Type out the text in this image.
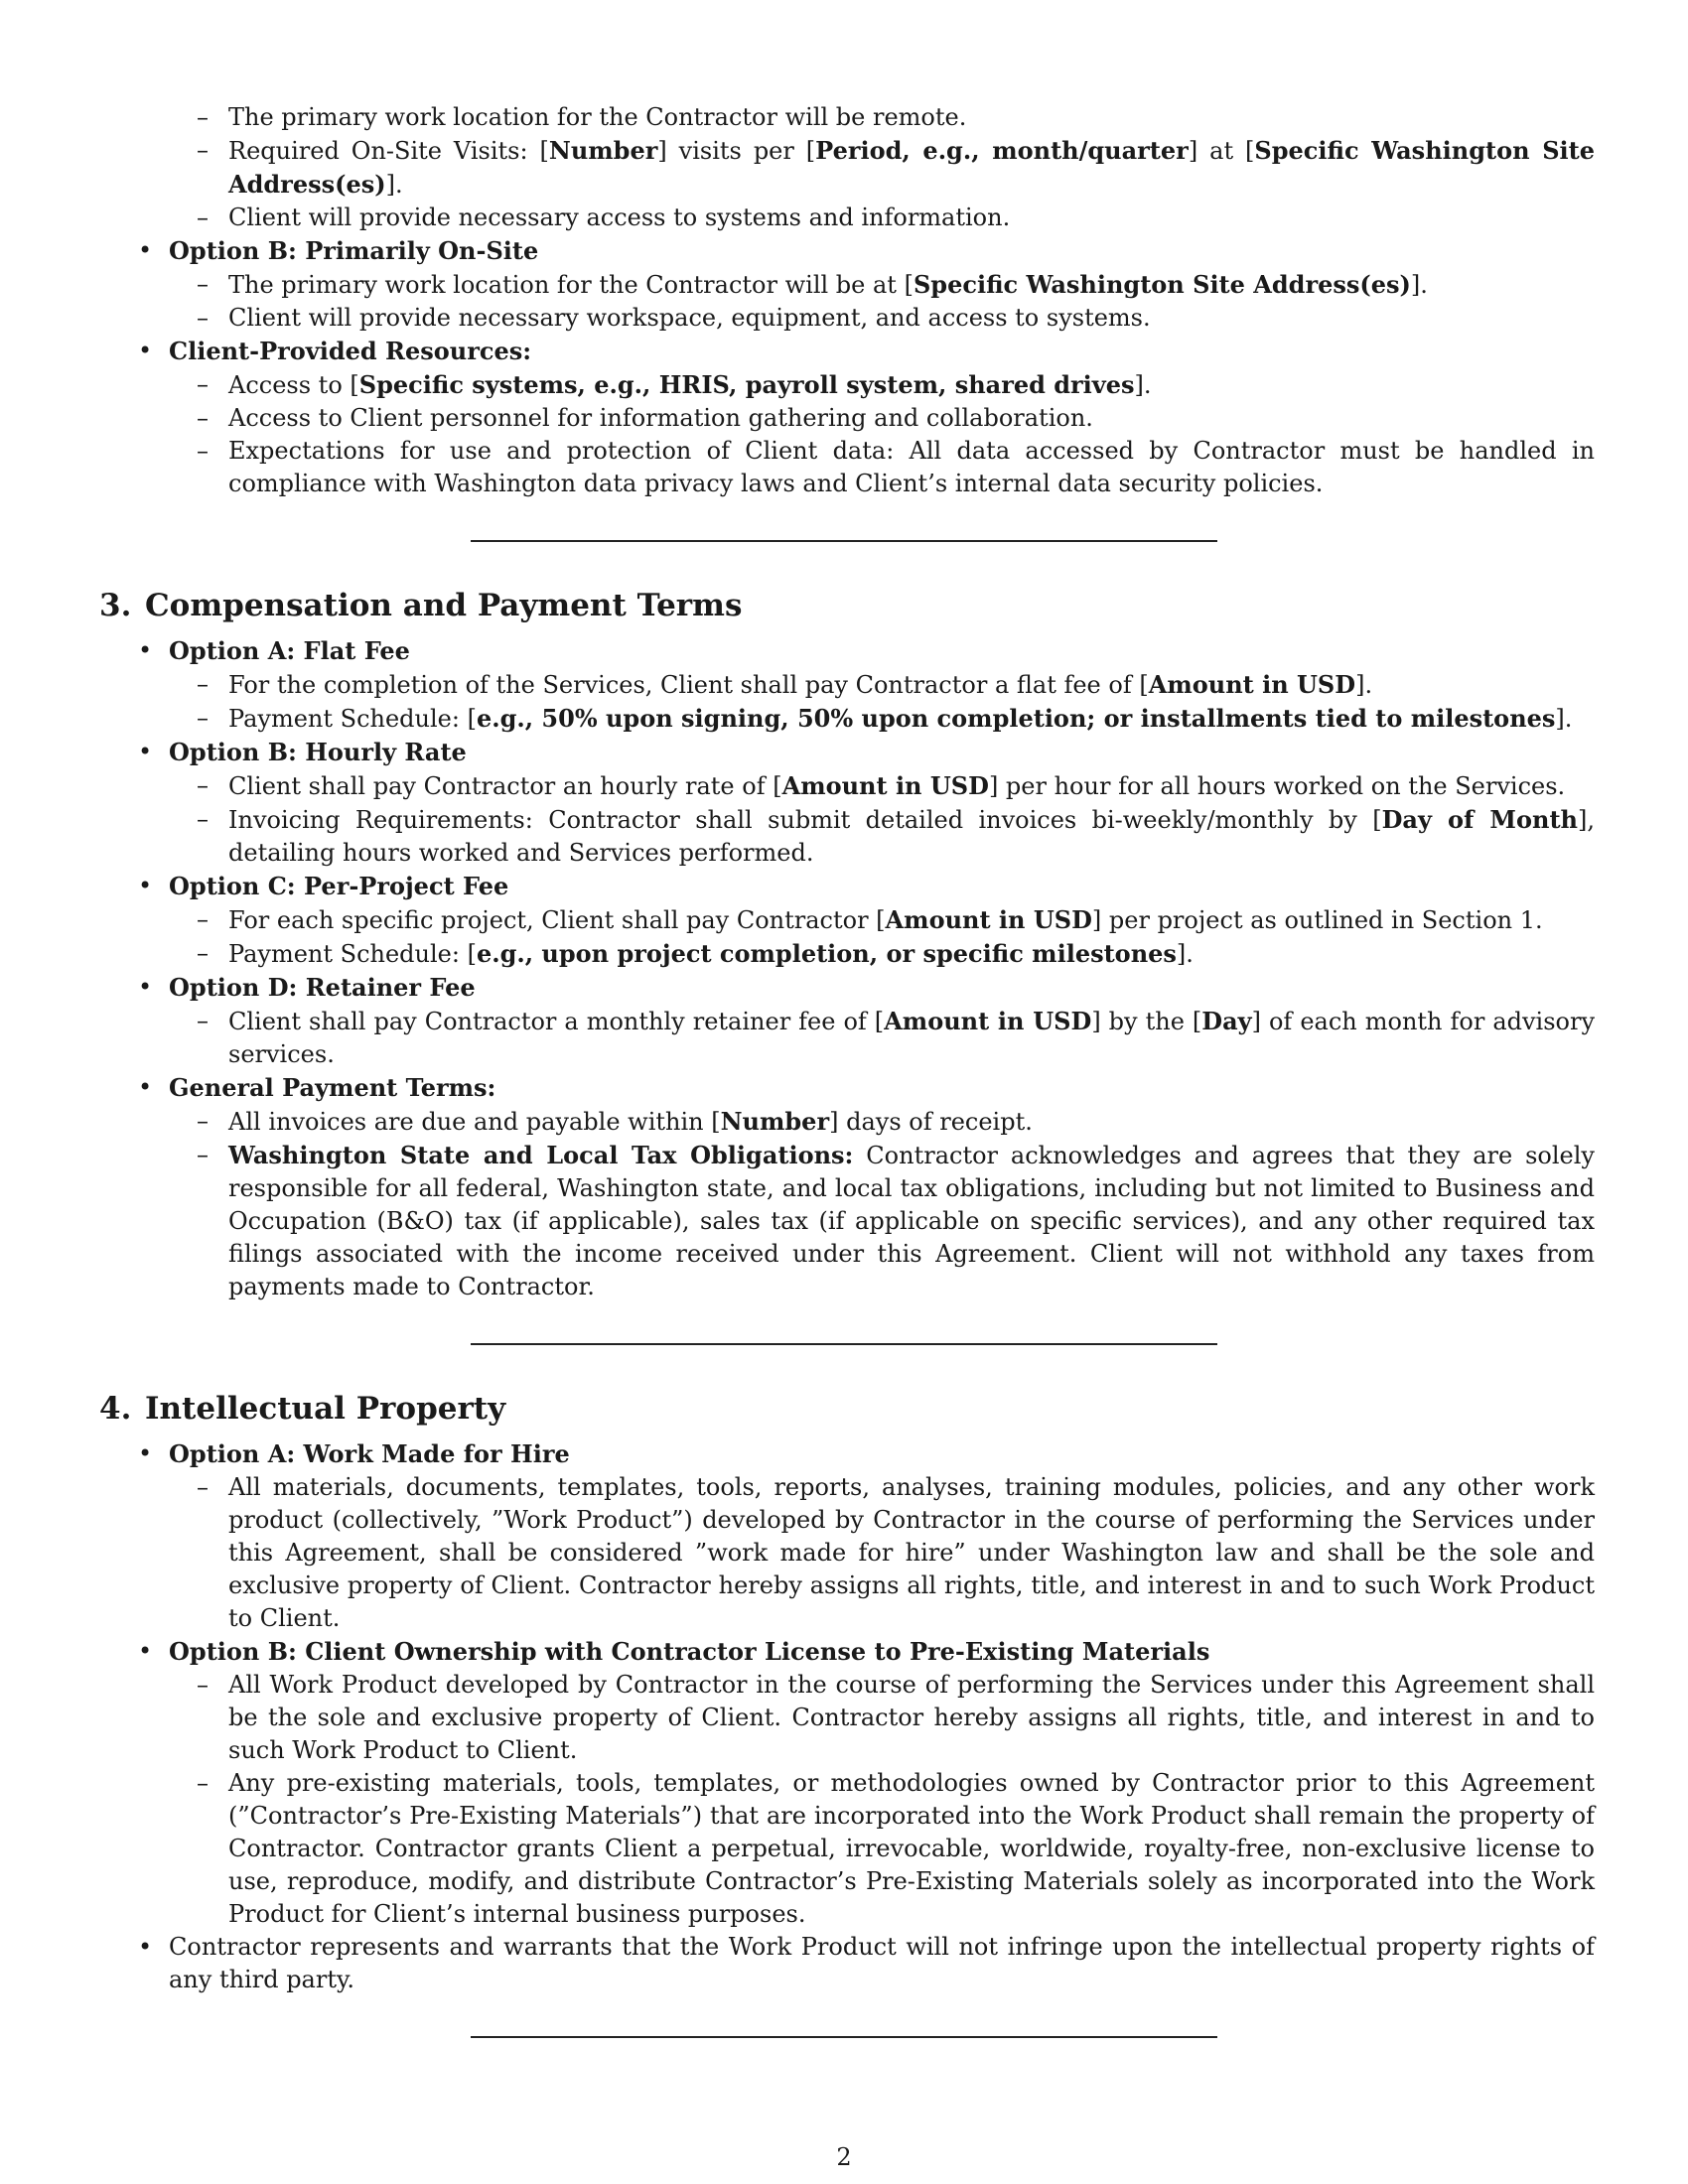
– The primary work location for the Contractor will be remote.
– Required On-Site Visits: [Number] visits per [Period, e.g., month/quarter] at [Specific Washington Site Address(es)].
– Client will provide necessary access to systems and information.
• Option B: Primarily On-Site
– The primary work location for the Contractor will be at [Specific Washington Site Address(es)].
– Client will provide necessary workspace, equipment, and access to systems.
• Client-Provided Resources:
– Access to [Specific systems, e.g., HRIS, payroll system, shared drives].
– Access to Client personnel for information gathering and collaboration.
– Expectations for use and protection of Client data: All data accessed by Contractor must be handled in compliance with Washington data privacy laws and Client’s internal data security policies.
3. Compensation and Payment Terms
• Option A: Flat Fee
– For the completion of the Services, Client shall pay Contractor a flat fee of [Amount in USD].
– Payment Schedule: [e.g., 50% upon signing, 50% upon completion; or installments tied to milestones].
• Option B: Hourly Rate
– Client shall pay Contractor an hourly rate of [Amount in USD] per hour for all hours worked on the Services.
– Invoicing Requirements: Contractor shall submit detailed invoices bi-weekly/monthly by [Day of Month], detailing hours worked and Services performed.
• Option C: Per-Project Fee
– For each specific project, Client shall pay Contractor [Amount in USD] per project as outlined in Section 1.
– Payment Schedule: [e.g., upon project completion, or specific milestones].
• Option D: Retainer Fee
– Client shall pay Contractor a monthly retainer fee of [Amount in USD] by the [Day] of each month for advisory services.
• General Payment Terms:
– All invoices are due and payable within [Number] days of receipt.
– Washington State and Local Tax Obligations: Contractor acknowledges and agrees that they are solely responsible for all federal, Washington state, and local tax obligations, including but not limited to Business and Occupation (B&O) tax (if applicable), sales tax (if applicable on specific services), and any other required tax filings associated with the income received under this Agreement. Client will not withhold any taxes from payments made to Contractor.
4. Intellectual Property
• Option A: Work Made for Hire
– All materials, documents, templates, tools, reports, analyses, training modules, policies, and any other work product (collectively, ”Work Product”) developed by Contractor in the course of performing the Services under this Agreement, shall be considered ”work made for hire” under Washington law and shall be the sole and exclusive property of Client. Contractor hereby assigns all rights, title, and interest in and to such Work Product to Client.
• Option B: Client Ownership with Contractor License to Pre-Existing Materials
– All Work Product developed by Contractor in the course of performing the Services under this Agreement shall be the sole and exclusive property of Client. Contractor hereby assigns all rights, title, and interest in and to such Work Product to Client.
– Any pre-existing materials, tools, templates, or methodologies owned by Contractor prior to this Agreement (”Contractor’s Pre-Existing Materials”) that are incorporated into the Work Product shall remain the property of Contractor. Contractor grants Client a perpetual, irrevocable, worldwide, royalty-free, non-exclusive license to use, reproduce, modify, and distribute Contractor’s Pre-Existing Materials solely as incorporated into the Work Product for Client’s internal business purposes.
• Contractor represents and warrants that the Work Product will not infringe upon the intellectual property rights of any third party.
2
